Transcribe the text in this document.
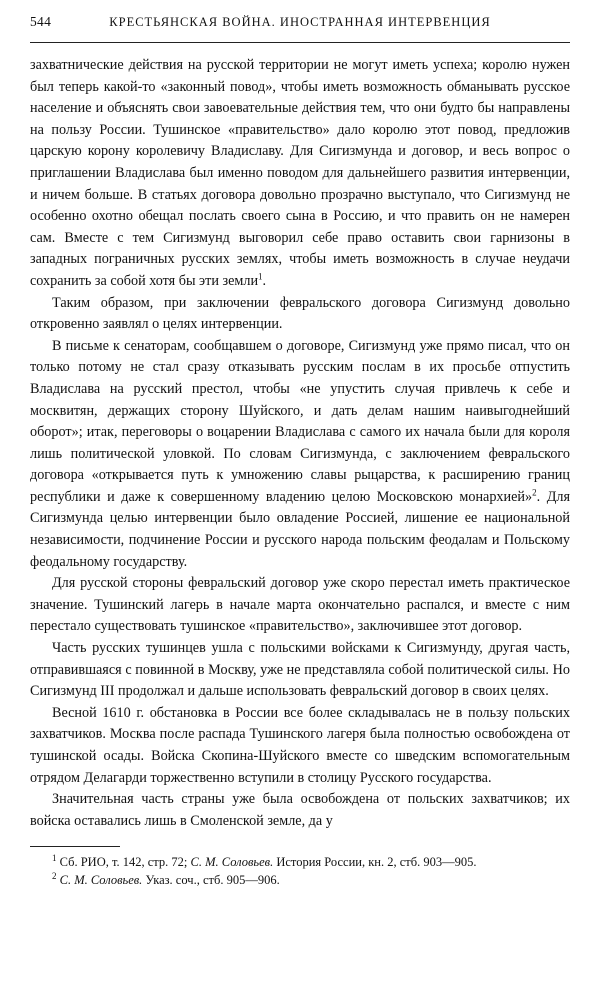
544	КРЕСТЬЯНСКАЯ ВОЙНА. ИНОСТРАННАЯ ИНТЕРВЕНЦИЯ

захватнические действия на русской территории не могут иметь успеха; королю нужен был теперь какой-то «законный повод», чтобы иметь возможность обманывать русское население и объяснять свои завоевательные действия тем, что они будто бы направлены на пользу России. Тушинское «правительство» дало королю этот повод, предложив царскую корону королевичу Владиславу. Для Сигизмунда и договор, и весь вопрос о приглашении Владислава был именно поводом для дальнейшего развития интервенции, и ничем больше. В статьях договора довольно прозрачно выступало, что Сигизмунд не особенно охотно обещал послать своего сына в Россию, и что править он не намерен сам. Вместе с тем Сигизмунд выговорил себе право оставить свои гарнизоны в западных пограничных русских землях, чтобы иметь возможность в случае неудачи сохранить за собой хотя бы эти земли$^1$.

Таким образом, при заключении февральского договора Сигизмунд довольно откровенно заявлял о целях интервенции.

В письме к сенаторам, сообщавшем о договоре, Сигизмунд уже прямо писал, что он только потому не стал сразу отказывать русским послам в их просьбе отпустить Владислава на русский престол, чтобы «не упустить случая привлечь к себе и москвитян, держащих сторону Шуйского, и дать делам нашим наивыгоднейший оборот»; итак, переговоры о воцарении Владислава с самого их начала были для короля лишь политической уловкой. По словам Сигизмунда, с заключением февральского договора «открывается путь к умножению славы рыцарства, к расширению границ республики и даже к совершенному владению целою Московскою монархией»$^2$. Для Сигизмунда целью интервенции было овладение Россией, лишение ее национальной независимости, подчинение России и русского народа польским феодалам и Польскому феодальному государству.

Для русской стороны февральский договор уже скоро перестал иметь практическое значение. Тушинский лагерь в начале марта окончательно распался, и вместе с ним перестало существовать тушинское «правительство», заключившее этот договор.

Часть русских тушинцев ушла с польскими войсками к Сигизмунду, другая часть, отправившаяся с повинной в Москву, уже не представляла собой политической силы. Но Сигизмунд III продолжал и дальше использовать февральский договор в своих целях.

Весной 1610 г. обстановка в России все более складывалась не в пользу польских захватчиков. Москва после распада Тушинского лагеря была полностью освобождена от тушинской осады. Войска Скопина-Шуйского вместе со шведским вспомогательным отрядом Делагарди торжественно вступили в столицу Русского государства.

Значительная часть страны уже была освобождена от польских захватчиков; их войска оставались лишь в Смоленской земле, да у

$^1$ Сб. РИО, т. 142, стр. 72; С. М. Соловьев. История России, кн. 2, стб. 903—905.

$^2$ С. М. Соловьев. Указ. соч., стб. 905—906.
